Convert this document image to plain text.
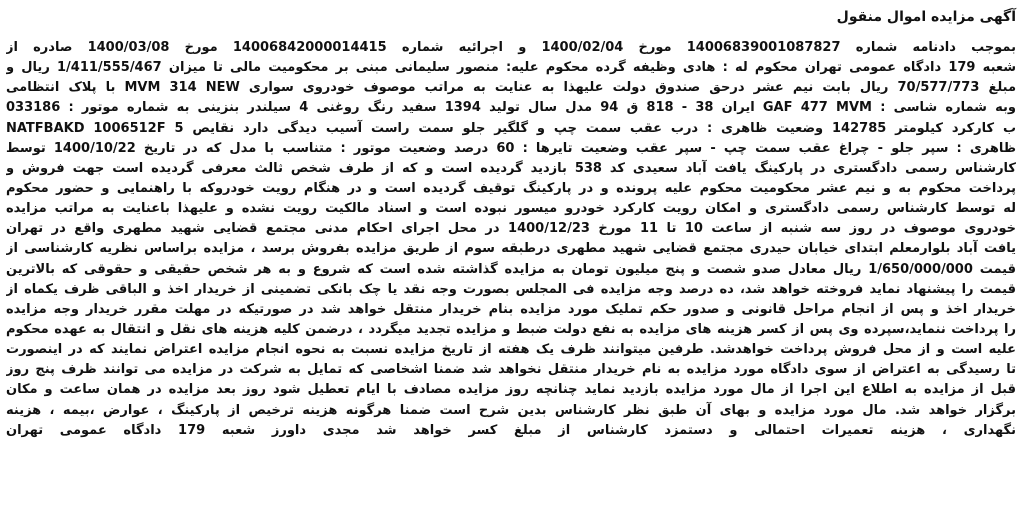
آگهی مزایده اموال منقول
بموجب دادنامه شماره 14006839001087827 مورخ 1400/02/04 و اجرائیه شماره 14006842000014415 مورخ 1400/03/08 صادره از
شعبه 179 دادگاه عمومی تهران محکوم له : هادی وظیفه گرده محکوم علیه: منصور سلیمانی مبنی بر محکومیت مالی تا میزان 1/411/555/467 ریال و
مبلغ 70/577/773 ریال بابت نیم عشر درحق صندوق دولت علیهذا به عنایت به مراتب موصوف خودروی سواری MVM 314 NEW با پلاک انتظامی
وبه شماره شاسی : GAF 477 MVM ایران 38 - 818 ق 94 مدل سال تولید 1394 سفید رنگ روغنی 4 سیلندر بنزینی به شماره موتور : 033186
ب کارکرد کیلومتر 142785 وضعیت ظاهری : درب عقب سمت چپ و گلگیر جلو سمت راست آسیب دیدگی دارد نقایص NATFBAKD 1006512F 5
ظاهری : سپر جلو - چراغ عقب سمت چپ - سپر عقب وضعیت تایرها : 60 درصد وضعیت موتور : متناسب با مدل که در تاریخ 1400/10/22 توسط
کارشناس رسمی دادگستری در پارکینگ یافت آباد سعیدی کد 538 بازدید گردیده است و که از طرف شخص ثالث معرفی گردیده است جهت فروش و
پرداخت محکوم به و نیم عشر محکومیت محکوم علیه پرونده و در پارکینگ توقیف گردیده است و در هنگام رویت خودروکه با راهنمایی و حضور محکوم
له توسط کارشناس رسمی دادگستری و امکان رویت کارکرد خودرو میسور نبوده است و اسناد مالکیت رویت نشده و علیهذا باعنایت به مراتب مزایده
خودروی موصوف در روز سه شنبه از ساعت 10 تا 11 مورخ 1400/12/23 در محل اجرای احکام مدنی مجتمع قضایی شهید مطهری واقع در تهران
یافت آباد بلوارمعلم ابتدای خیابان حیدری مجتمع قضایی شهید مطهری درطبقه سوم از طریق مزایده بفروش برسد ، مزایده براساس نظریه کارشناسی از
قیمت 1/650/000/000 ریال معادل صدو شصت و پنج میلیون تومان به مزایده گذاشته شده است که شروع و به هر شخص حقیقی و حقوقی که بالاترین
قیمت را پیشنهاد نماید فروخته خواهد شد، ده درصد وجه مزایده فی المجلس بصورت وجه نقد یا چک بانکی تضمینی از خریدار اخذ و الباقی ظرف یکماه از
خریدار اخذ و پس از انجام مراحل قانونی و صدور حکم تملیک مورد مزایده بنام خریدار منتقل خواهد شد در صورتیکه در مهلت مقرر خریدار وجه مزایده
را پرداخت ننماید،سپرده وی پس از کسر هزینه های مزایده به نفع دولت ضبط و مزایده تجدید میگردد ، درضمن کلیه هزینه های نقل و انتقال به عهده محکوم
علیه است و از محل فروش پرداخت خواهدشد. طرفین میتوانند ظرف یک هفته از تاریخ مزایده نسبت به نحوه انجام مزایده اعتراض نمایند که در اینصورت
تا رسیدگی به اعتراض از سوی دادگاه مورد مزایده به نام خریدار منتقل نخواهد شد ضمنا اشخاصی که تمایل به شرکت در مزایده می توانند ظرف پنج روز
قبل از مزایده به اطلاع این اجرا از مال مورد مزایده بازدید نماید چنانچه روز مزایده مصادف با ایام تعطیل شود روز بعد مزایده در همان ساعت و مکان
برگزار خواهد شد. مال مورد مزایده و بهای آن طبق نظر کارشناس بدین شرح است ضمنا هرگونه هزینه ترخیص از پارکینگ ، عوارض ،بیمه ، هزینه
نگهداری ، هزینه تعمیرات احتمالی و دستمزد کارشناس از مبلغ کسر خواهد شد مجدی داورز شعبه 179 دادگاه عمومی تهران
